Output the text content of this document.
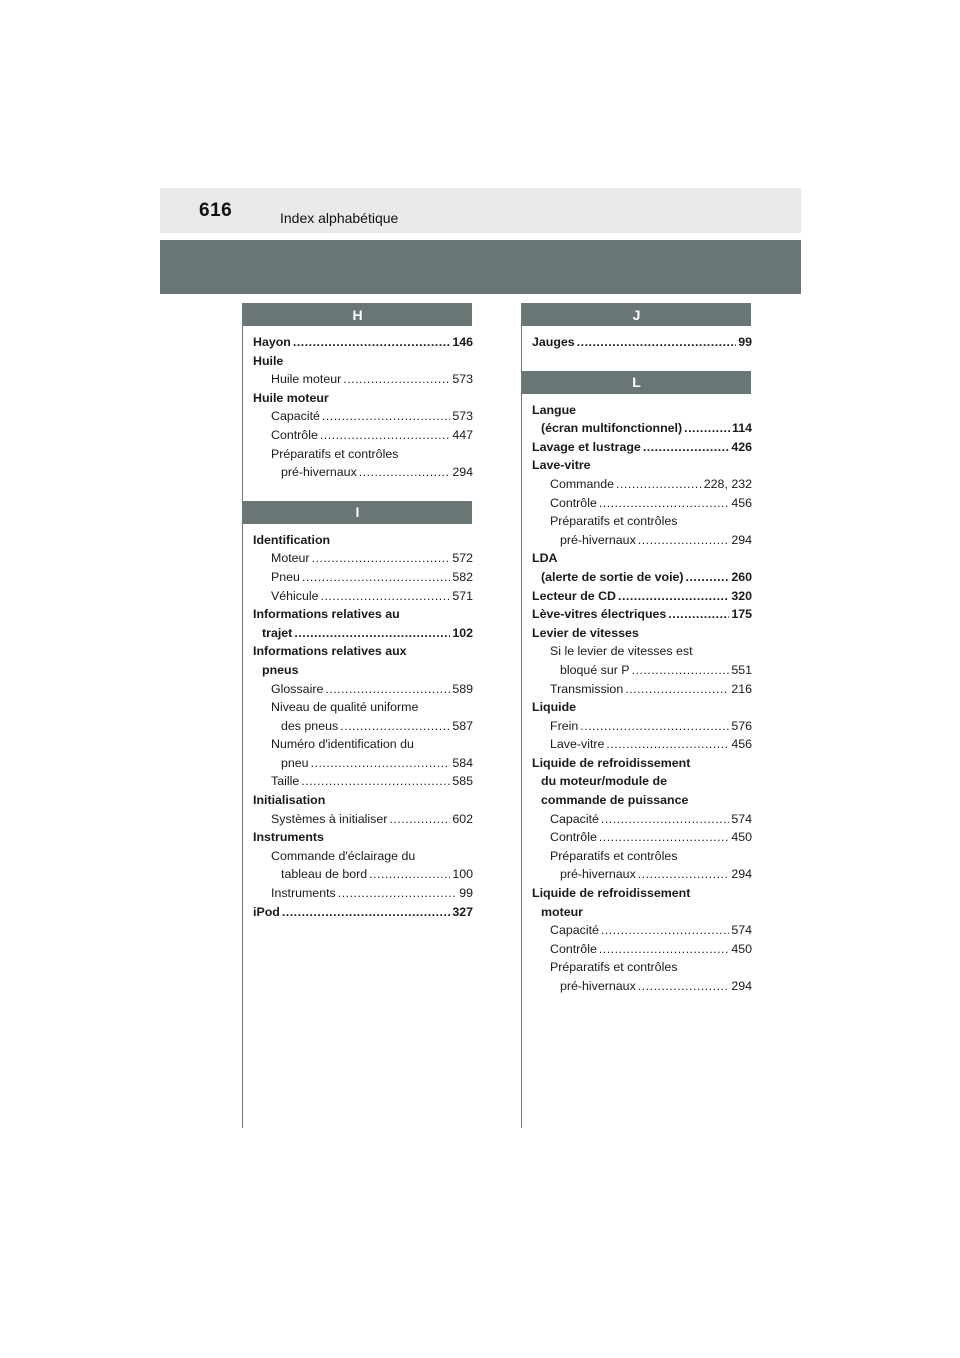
616	Index alphabétique
H
Hayon .....	146
Huile
Huile moteur .....	573
Huile moteur
Capacité .....	573
Contrôle .....	447
Préparatifs et contrôles
pré-hivernaux .....	294
I
Identification
Moteur .....	572
Pneu .....	582
Véhicule .....	571
Informations relatives au
trajet .....	102
Informations relatives aux
pneus
Glossaire .....	589
Niveau de qualité uniforme
des pneus .....	587
Numéro d'identification du
pneu .....	584
Taille .....	585
Initialisation
Systèmes à initialiser .....	602
Instruments
Commande d'éclairage du
tableau de bord .....	100
Instruments .....	99
iPod .....	327
J
Jauges .....	99
L
Langue
(écran multifonctionnel) .....	114
Lavage et lustrage .....	426
Lave-vitre
Commande .....	228, 232
Contrôle .....	456
Préparatifs et contrôles
pré-hivernaux .....	294
LDA
(alerte de sortie de voie) .....	260
Lecteur de CD .....	320
Lève-vitres électriques .....	175
Levier de vitesses
Si le levier de vitesses est
bloqué sur P .....	551
Transmission .....	216
Liquide
Frein .....	576
Lave-vitre .....	456
Liquide de refroidissement
du moteur/module de
commande de puissance
Capacité .....	574
Contrôle .....	450
Préparatifs et contrôles
pré-hivernaux .....	294
Liquide de refroidissement
moteur
Capacité .....	574
Contrôle .....	450
Préparatifs et contrôles
pré-hivernaux .....	294
